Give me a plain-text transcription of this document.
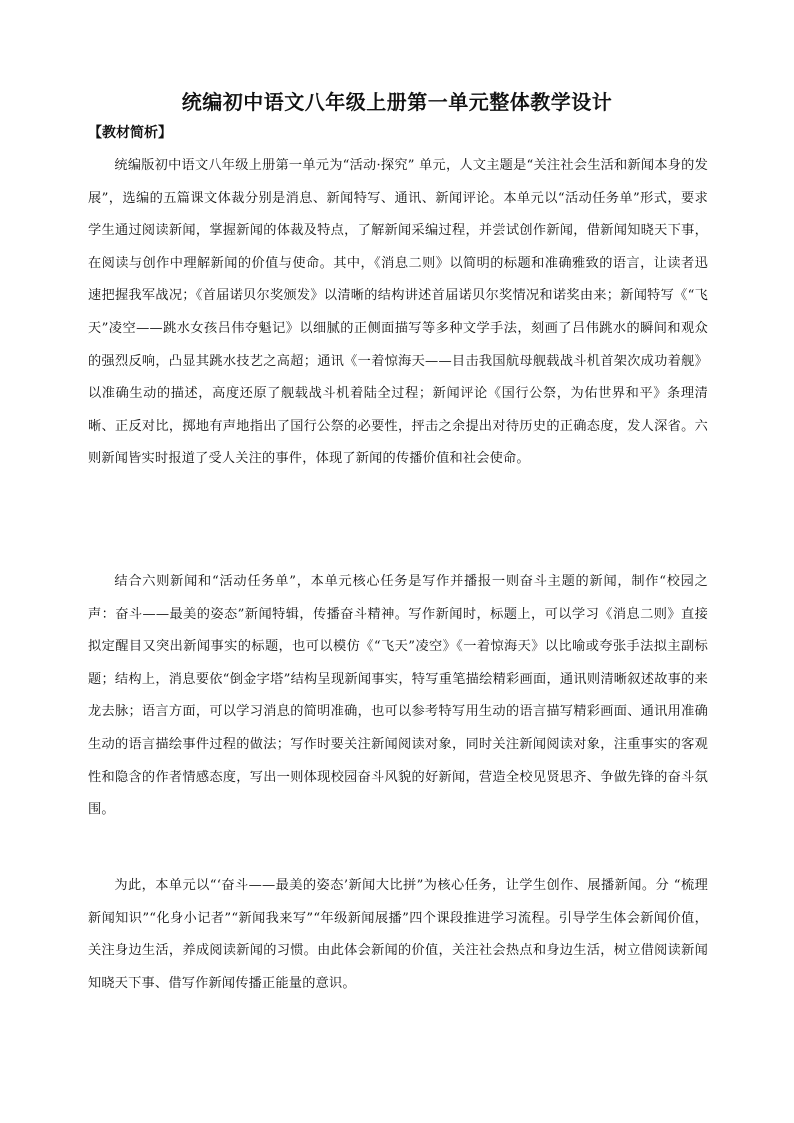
统编初中语文八年级上册第一单元整体教学设计
【教材简析】

统编版初中语文八年级上册第一单元为“活动·探究” 单元，人文主题是“关注社会生活和新闻本身的发展”，选编的五篇课文体裁分别是消息、新闻特写、通讯、新闻评论。本单元以“活动任务单”形式，要求学生通过阅读新闻，掌握新闻的体裁及特点，了解新闻采编过程，并尝试创作新闻，借新闻知晓天下事，在阅读与创作中理解新闻的价值与使命。其中，《消息二则》以简明的标题和准确雅致的语言，让读者迅速把握我军战况；《首届诺贝尔奖颁发》以清晰的结构讲述首届诺贝尔奖情况和诺奖由来；新闻特写《“飞天”凌空——跳水女孩吕伟夺魁记》以细腻的正侧面描写等多种文学手法，刻画了吕伟跳水的瞬间和观众的强烈反响，凸显其跳水技艺之高超；通讯《一着惊海天——目击我国航母舰载战斗机首架次成功着舰》以准确生动的描述，高度还原了舰载战斗机着陆全过程；新闻评论《国行公祭，为佑世界和平》条理清晰、正反对比，掷地有声地指出了国行公祭的必要性，抨击之余提出对待历史的正确态度，发人深省。六则新闻皆实时报道了受人关注的事件，体现了新闻的传播价值和社会使命。

结合六则新闻和“活动任务单”，本单元核心任务是写作并播报一则奋斗主题的新闻，制作“校园之声：奋斗——最美的姿态”新闻特辑，传播奋斗精神。写作新闻时，标题上，可以学习《消息二则》直接拟定醒目又突出新闻事实的标题，也可以模仿《“飞天”凌空》《一着惊海天》以比喻或夸张手法拟主副标题；结构上，消息要依“倒金字塔”结构呈现新闻事实，特写重笔描绘精彩画面，通讯则清晰叙述故事的来龙去脉；语言方面，可以学习消息的简明准确，也可以参考特写用生动的语言描写精彩画面、通讯用准确生动的语言描绘事件过程的做法；写作时要关注新闻阅读对象，同时关注新闻阅读对象，注重事实的客观性和隐含的作者情感态度，写出一则体现校园奋斗风貌的好新闻，营造全校见贤思齐、争做先锋的奋斗氛围。

为此，本单元以“‘奋斗——最美的姿态’新闻大比拼”为核心任务，让学生创作、展播新闻。分 “梳理新闻知识”“化身小记者”“新闻我来写”“年级新闻展播”四个课段推进学习流程。引导学生体会新闻价值，关注身边生活，养成阅读新闻的习惯。由此体会新闻的价值，关注社会热点和身边生活，树立借阅读新闻知晓天下事、借写作新闻传播正能量的意识。
